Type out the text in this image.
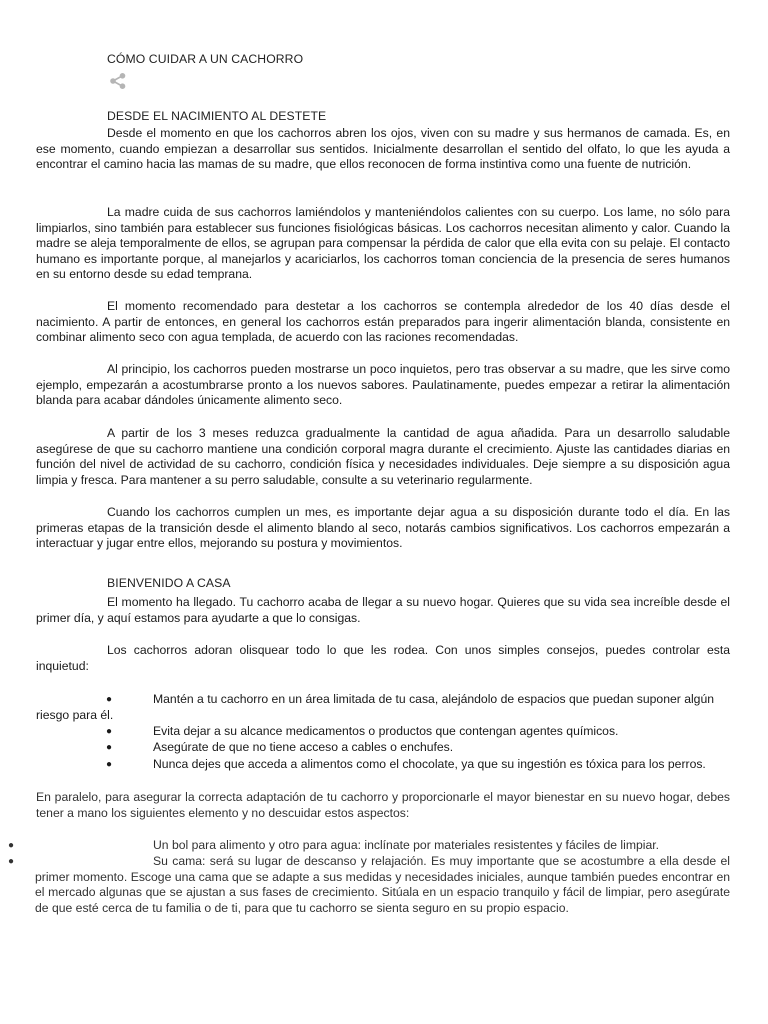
CÓMO CUIDAR A UN CACHORRO
DESDE EL NACIMIENTO AL DESTETE
Desde el momento en que los cachorros abren los ojos, viven con su madre y sus hermanos de camada. Es, en ese momento, cuando empiezan a desarrollar sus sentidos. Inicialmente desarrollan el sentido del olfato, lo que les ayuda a encontrar el camino hacia las mamas de su madre, que ellos reconocen de forma instintiva como una fuente de nutrición.
La madre cuida de sus cachorros lamiéndolos y manteniéndolos calientes con su cuerpo. Los lame, no sólo para limpiarlos, sino también para establecer sus funciones fisiológicas básicas. Los cachorros necesitan alimento y calor. Cuando la madre se aleja temporalmente de ellos, se agrupan para compensar la pérdida de calor que ella evita con su pelaje. El contacto humano es importante porque, al manejarlos y acariciarlos, los cachorros toman conciencia de la presencia de seres humanos en su entorno desde su edad temprana.
El momento recomendado para destetar a los cachorros se contempla alrededor de los 40 días desde el nacimiento. A partir de entonces, en general los cachorros están preparados para ingerir alimentación blanda, consistente en combinar alimento seco con agua templada, de acuerdo con las raciones recomendadas.
Al principio, los cachorros pueden mostrarse un poco inquietos, pero tras observar a su madre, que les sirve como ejemplo, empezarán a acostumbrarse pronto a los nuevos sabores. Paulatinamente, puedes empezar a retirar la alimentación blanda para acabar dándoles únicamente alimento seco.
A partir de los 3 meses reduzca gradualmente la cantidad de agua añadida. Para un desarrollo saludable asegúrese de que su cachorro mantiene una condición corporal magra durante el crecimiento. Ajuste las cantidades diarias en función del nivel de actividad de su cachorro, condición física y necesidades individuales. Deje siempre a su disposición agua limpia y fresca. Para mantener a su perro saludable, consulte a su veterinario regularmente.
Cuando los cachorros cumplen un mes, es importante dejar agua a su disposición durante todo el día. En las primeras etapas de la transición desde el alimento blando al seco, notarás cambios significativos. Los cachorros empezarán a interactuar y jugar entre ellos, mejorando su postura y movimientos.
BIENVENIDO A CASA
El momento ha llegado. Tu cachorro acaba de llegar a su nuevo hogar. Quieres que su vida sea increíble desde el primer día, y aquí estamos para ayudarte a que lo consigas.
Los cachorros adoran olisquear todo lo que les rodea. Con unos simples consejos, puedes controlar esta inquietud:
●	Mantén a tu cachorro en un área limitada de tu casa, alejándolo de espacios que puedan suponer algún riesgo para él.
●	Evita dejar a su alcance medicamentos o productos que contengan agentes químicos.
●	Asegúrate de que no tiene acceso a cables o enchufes.
●	Nunca dejes que acceda a alimentos como el chocolate, ya que su ingestión es tóxica para los perros.
En paralelo, para asegurar la correcta adaptación de tu cachorro y proporcionarle el mayor bienestar en su nuevo hogar, debes tener a mano los siguientes elemento y no descuidar estos aspectos:
●	Un bol para alimento y otro para agua: inclínate por materiales resistentes y fáciles de limpiar.
●	Su cama: será su lugar de descanso y relajación. Es muy importante que se acostumbre a ella desde el primer momento. Escoge una cama que se adapte a sus medidas y necesidades iniciales, aunque también puedes encontrar en el mercado algunas que se ajustan a sus fases de crecimiento. Sitúala en un espacio tranquilo y fácil de limpiar, pero asegúrate de que esté cerca de tu familia o de ti, para que tu cachorro se sienta seguro en su propio espacio.
